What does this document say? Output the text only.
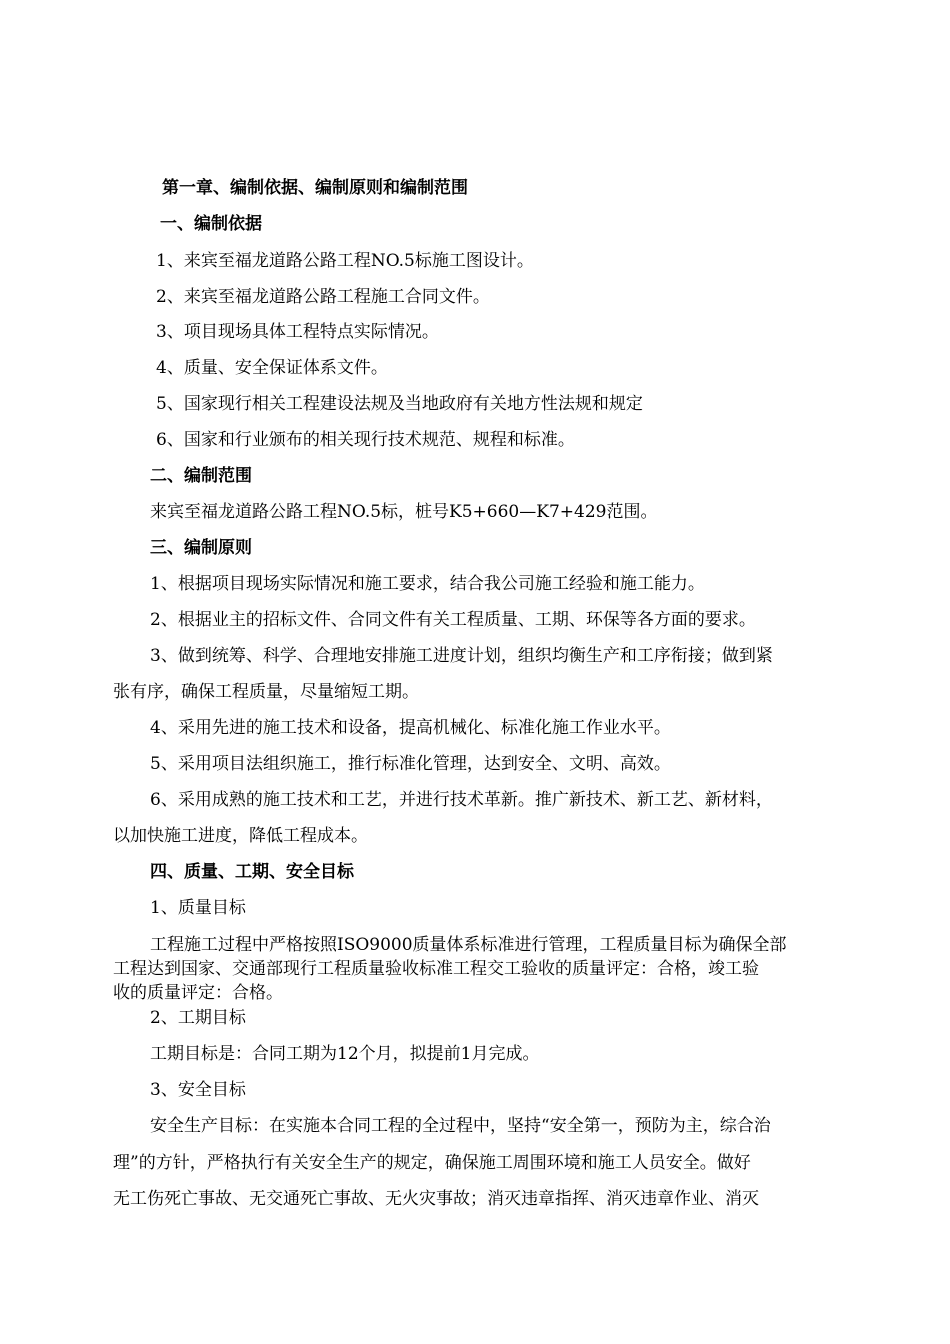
第一章、编制依据、编制原则和编制范围
一、编制依据
1、来宾至福龙道路公路工程NO.5标施工图设计。
2、来宾至福龙道路公路工程施工合同文件。
3、项目现场具体工程特点实际情况。
4、质量、安全保证体系文件。
5、国家现行相关工程建设法规及当地政府有关地方性法规和规定
6、国家和行业颁布的相关现行技术规范、规程和标准。
二、编制范围
来宾至福龙道路公路工程NO.5标，桩号K5+660—K7+429范围。
三、编制原则
1、根据项目现场实际情况和施工要求，结合我公司施工经验和施工能力。
2、根据业主的招标文件、合同文件有关工程质量、工期、环保等各方面的要求。
3、做到统筹、科学、合理地安排施工进度计划，组织均衡生产和工序衔接；做到紧
张有序，确保工程质量，尽量缩短工期。
4、采用先进的施工技术和设备，提高机械化、标准化施工作业水平。
5、采用项目法组织施工，推行标准化管理，达到安全、文明、高效。
6、采用成熟的施工技术和工艺，并进行技术革新。推广新技术、新工艺、新材料，
以加快施工进度，降低工程成本。
四、质量、工期、安全目标
1、质量目标
工程施工过程中严格按照ISO9000质量体系标准进行管理，工程质量目标为确保全部
工程达到国家、交通部现行工程质量验收标准工程交工验收的质量评定：合格，竣工验
收的质量评定：合格。
2、工期目标
工期目标是：合同工期为12个月，拟提前1月完成。
3、安全目标
安全生产目标：在实施本合同工程的全过程中，坚持“安全第一，预防为主，综合治
理”的方针，严格执行有关安全生产的规定，确保施工周围环境和施工人员安全。做好
无工伤死亡事故、无交通死亡事故、无火灾事故；消灭违章指挥、消灭违章作业、消灭
